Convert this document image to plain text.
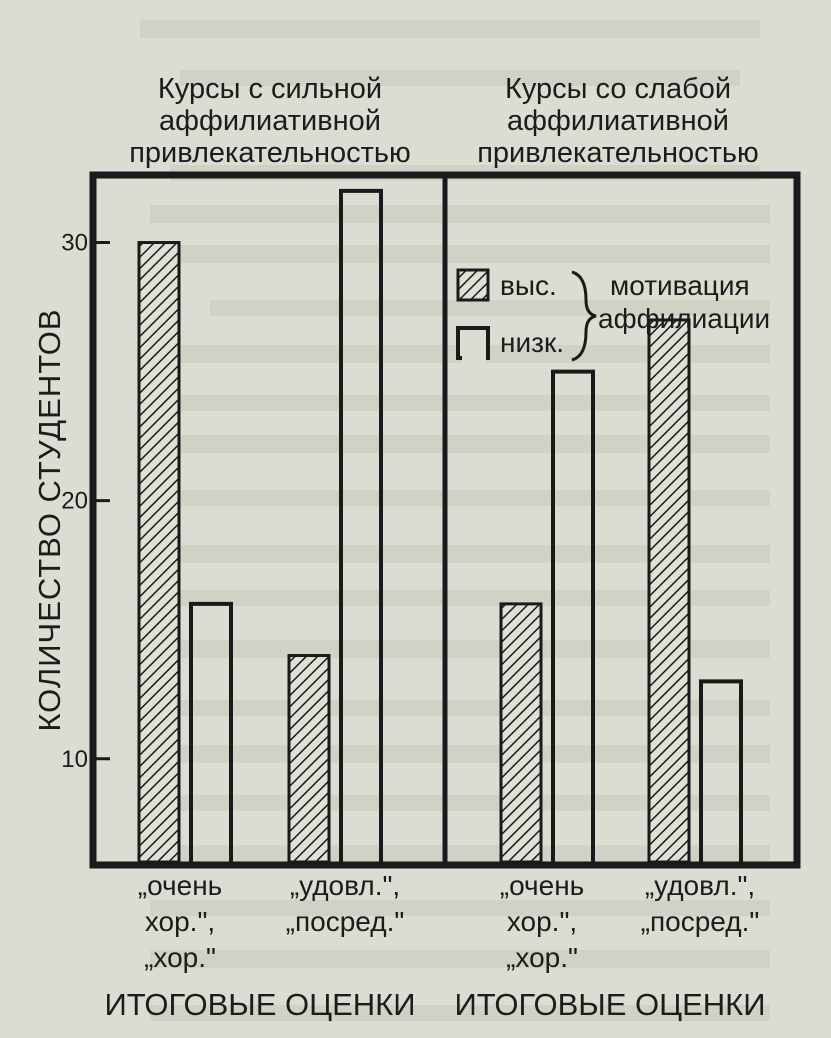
Курсы с сильной
аффилиативной
привлекательностью
Курсы со слабой
аффилиативной
привлекательностью
КОЛИЧЕСТВО СТУДЕНТОВ
10
20
30
выс.
низк.
мотивация
аффилиации
„очень
хор.",
„хор."
„удовл.",
„посред."
„очень
хор.",
„хор."
„удовл.",
„посред."
ИТОГОВЫЕ ОЦЕНКИ ИТОГОВЫЕ ОЦЕНКИ
